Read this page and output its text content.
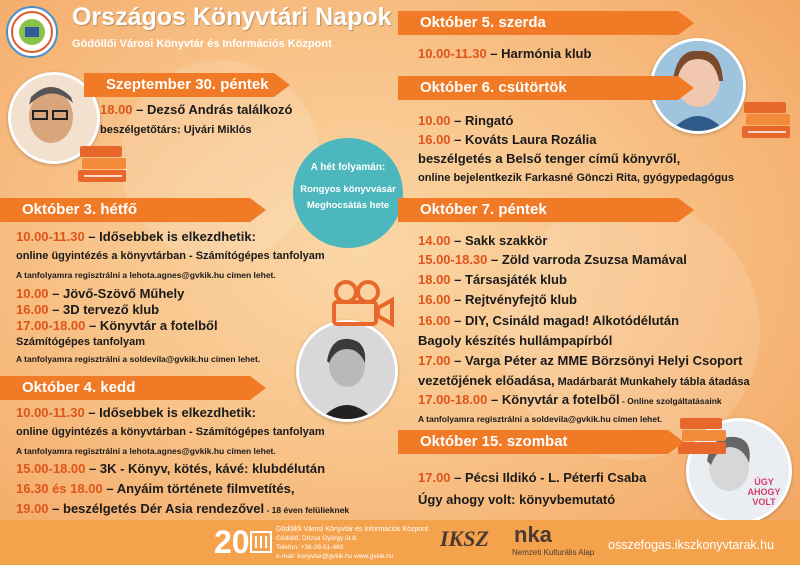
Országos Könyvtári Napok
Gödöllői Városi Könyvtár és Információs Központ
ÚGY AHOGY VOLT
A hét folyamán:
Rongyos könyvvásár
Meghocsátás hete
Szeptember 30. péntek
18.00 – Dezső András találkozó
beszélgetőtárs: Ujvári Miklós
Október 3. hétfő
10.00-11.30 – Idősebbek is elkezdhetik:
online ügyintézés a könyvtárban - Számítógépes tanfolyam
A tanfolyamra regisztrálni a lehota.agnes@gvkik.hu címen lehet.
10.00 – Jövő-Szövő Műhely
16.00 – 3D tervező klub
17.00-18.00 – Könyvtár a fotelből
Számítógépes tanfolyam
A tanfolyamra regisztrálni a soldevila@gvkik.hu címen lehet.
Október 4. kedd
10.00-11.30 – Idősebbek is elkezdhetik:
online ügyintézés a könyvtárban - Számítógépes tanfolyam
A tanfolyamra regisztrálni a lehota.agnes@gvkik.hu címen lehet.
15.00-18.00 – 3K - Könyv, kötés, kávé: klubdélután
16.30 és 18.00 – Anyáim története filmvetítés,
19.00 – beszélgetés Dér Asia rendezővel - 18 éven felülieknek
Október 5. szerda
10.00-11.30 – Harmónia klub
Október 6. csütörtök
10.00 – Ringató
16.00 – Kováts Laura Rozália
beszélgetés a Belső tenger című könyvről,
online bejelentkezik Farkasné Gönczi Rita, gyógypedagógus
Október 7. péntek
14.00 – Sakk szakkör
15.00-18.30 – Zöld varroda Zsuzsa Mamával
18.00 – Társasjáték klub
16.00 – Rejtvényfejtő klub
16.00 – DIY, Csináld magad! Alkotódélután
Bagoly készítés hullámpapírból
17.00 – Varga Péter az MME Börzsönyi Helyi Csoport
vezetőjének előadása, Madárbarát Munkahely tábla átadása
17.00-18.00 – Könyvtár a fotelből - Online szolgáltatásaink
A tanfolyamra regisztrálni a soldevila@gvkik.hu címen lehet.
Október 15. szombat
17.00 – Pécsi Ildikó - L. Péterfi Csaba
Úgy ahogy volt: könyvbemutató
20	Gödöllői Városi Könyvtár és Információs Központ
Gödöllő, Dózsa György út 8.
Telefon: +36-28-51-460
e-mail: konyvtar@gvkik.hu www.gvkik.hu
IKSZ nka
Nemzeti Kulturális Alap
osszefogas.ikszkonyvtarak.hu
